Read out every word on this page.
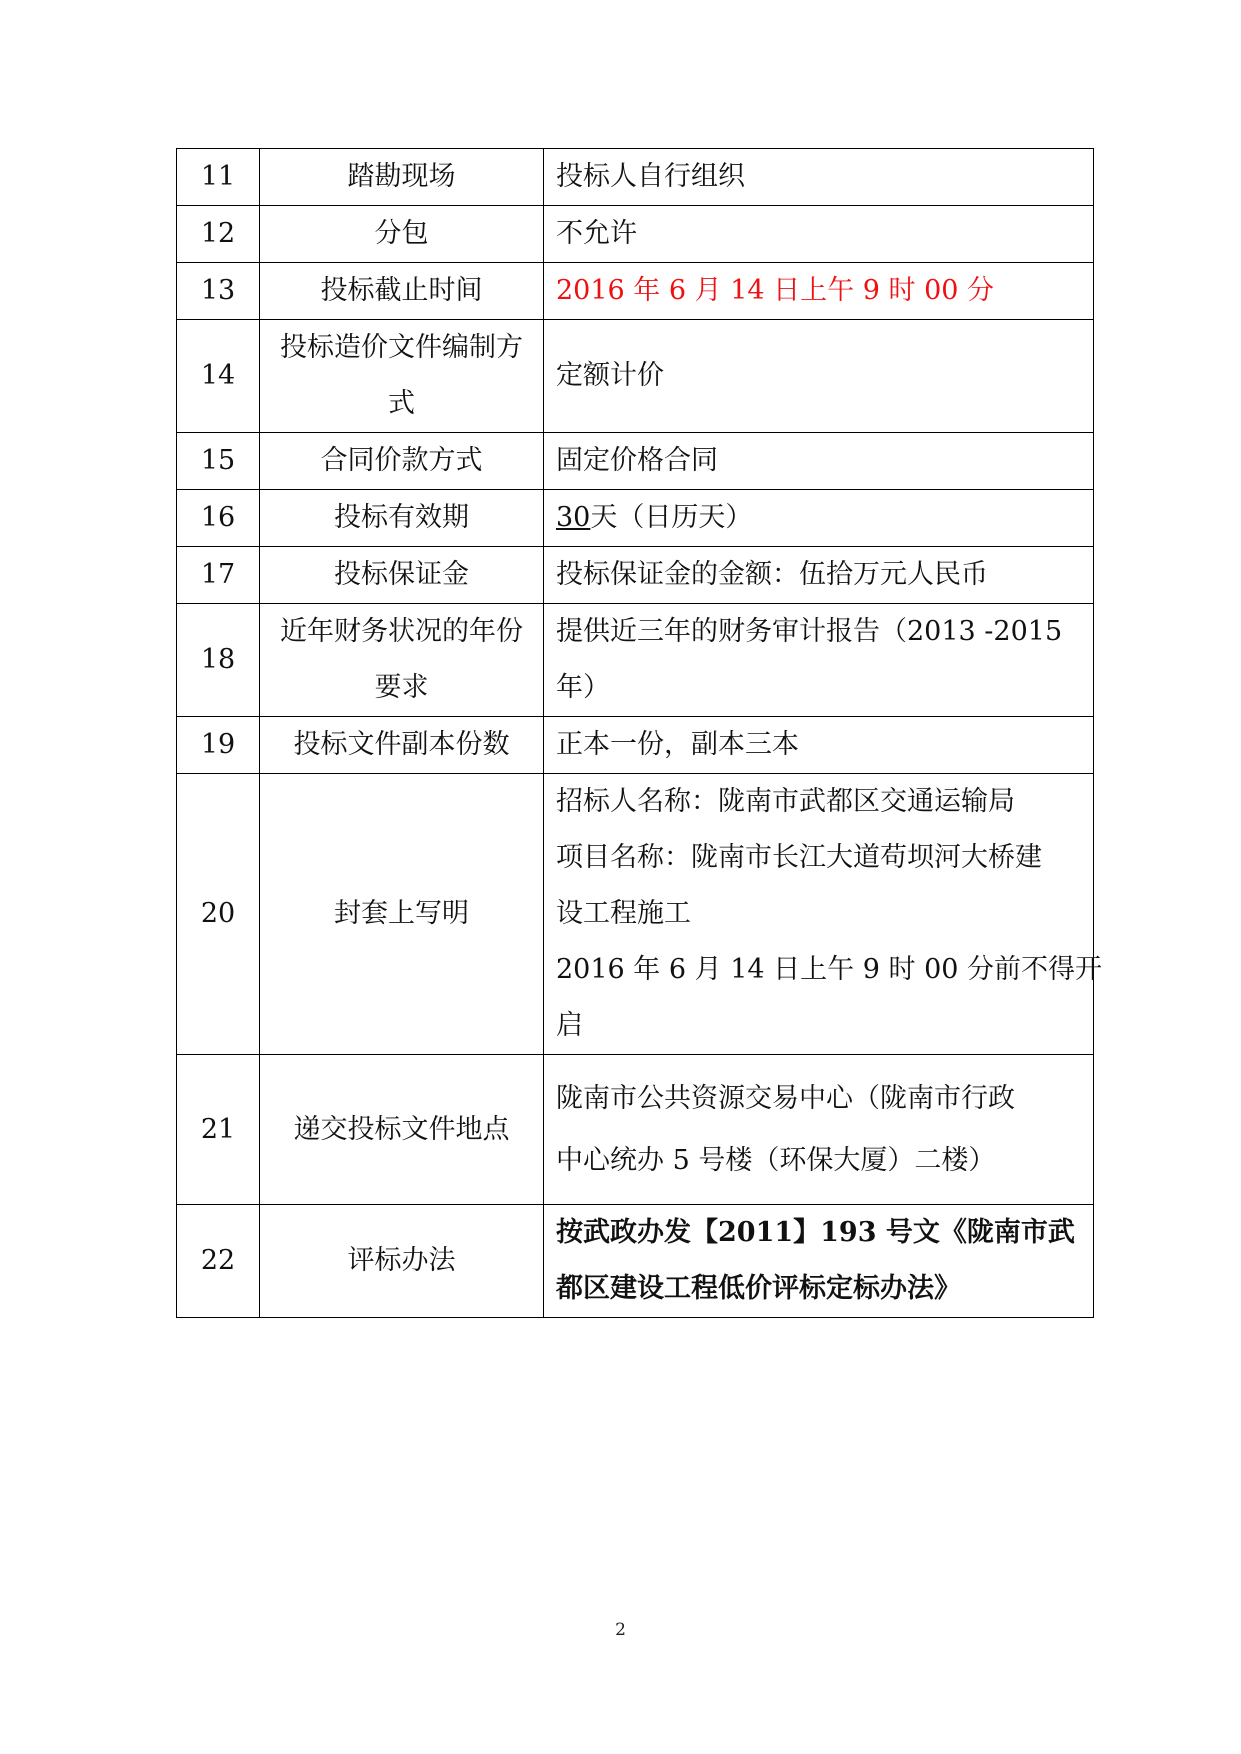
11	踏勘现场	投标人自行组织

12	分包	不允许

13	投标截止时间	2016 年 6 月 14 日上午 9 时 00 分

14	投标造价文件编制方
式	定额计价

15	合同价款方式	固定价格合同

16	投标有效期	30天（日历天）

17	投标保证金	投标保证金的金额：伍拾万元人民币

18	近年财务状况的年份
要求	提供近三年的财务审计报告（2013 -2015
年）

19	投标文件副本份数	正本一份，副本三本

20	封套上写明	招标人名称：陇南市武都区交通运输局
项目名称：陇南市长江大道苟坝河大桥建
设工程施工
2016 年 6 月 14 日上午 9 时 00 分前不得开
启

21	递交投标文件地点	陇南市公共资源交易中心（陇南市行政
中心统办 5 号楼（环保大厦）二楼）

22	评标办法	按武政办发【2011】193 号文《陇南市武
都区建设工程低价评标定标办法》
2
